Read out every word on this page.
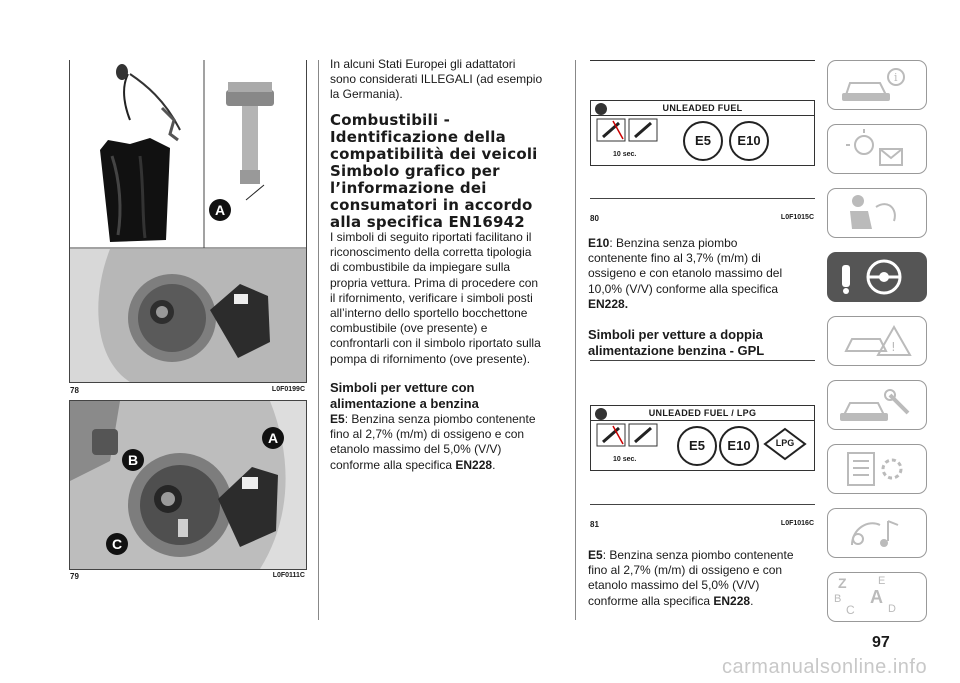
A
78	L0F0199C
A
B
C
79	L0F0111C
In alcuni Stati Europei gli adattatori
sono considerati ILLEGALI (ad esempio
la Germania).
Combustibili -
Identificazione della
compatibilità dei veicoli
Simbolo grafico per
l’informazione dei
consumatori in accordo
alla specifica EN16942
I simboli di seguito riportati facilitano il
riconoscimento della corretta tipologia
di combustibile da impiegare sulla
propria vettura. Prima di procedere con
il rifornimento, verificare i simboli posti
all’interno dello sportello bocchettone
combustibile (ove presente) e
confrontarli con il simbolo riportato sulla
pompa di rifornimento (ove presente).
Simboli per vetture con
alimentazione a benzina
E5: Benzina senza piombo contenente
fino al 2,7% (m/m) di ossigeno e con
etanolo massimo del 5,0% (V/V)
conforme alla specifica EN228.
UNLEADED FUEL
10 sec.
E5	E10
80	L0F1015C
E10: Benzina senza piombo
contenente fino al 3,7% (m/m) di
ossigeno e con etanolo massimo del
10,0% (V/V) conforme alla specifica
EN228.
Simboli per vetture a doppia
alimentazione benzina - GPL
UNLEADED FUEL / LPG
10 sec.
E5	E10	LPG
81	L0F1016C
E5: Benzina senza piombo contenente
fino al 2,7% (m/m) di ossigeno e con
etanolo massimo del 5,0% (V/V)
conforme alla specifica EN228.
i
!
Z	E
B A
C	D
97
carmanualsonline.info
